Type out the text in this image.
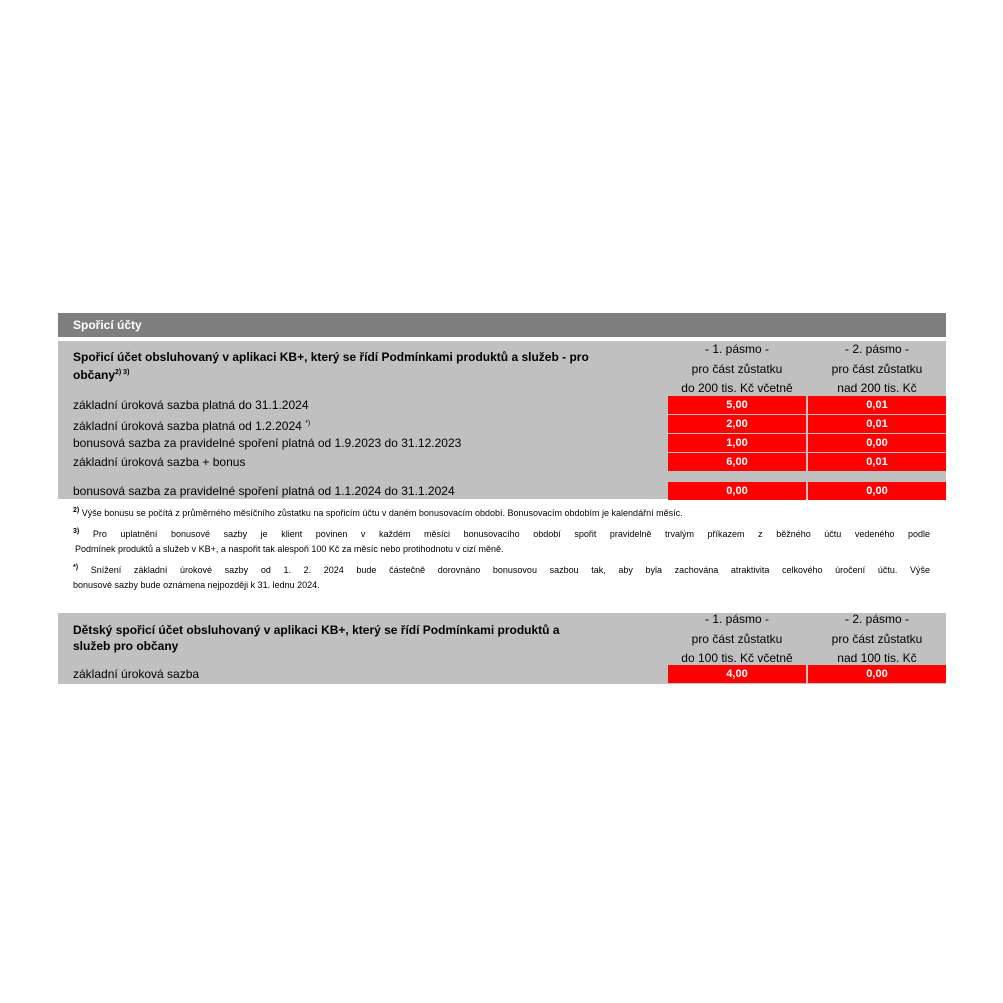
Spořicí účty
Spořicí účet obsluhovaný v aplikaci KB+, který se řídí Podmínkami produktů a služeb - pro občany$^{2) 3)}$
- 1. pásmo -
pro část zůstatku
do 200 tis. Kč včetně
- 2. pásmo -
pro část zůstatku
nad 200 tis. Kč
základní úroková sazba platná do 31.1.2024	5,00	0,01
základní úroková sazba platná od 1.2.2024 *)	2,00	0,01
bonusová sazba za pravidelné spoření platná od 1.9.2023 do 31.12.2023	1,00	0,00
základní úroková sazba + bonus	6,00	0,01
bonusová sazba za pravidelné spoření platná od 1.1.2024 do 31.1.2024	0,00	0,00
$^{2)}$ Výše bonusu se počítá z průměrného měsíčního zůstatku na spořicím účtu v daném bonusovacím období. Bonusovacím obdobím je kalendářní měsíc.
$^{3)}$ Pro uplatnění bonusové sazby je klient povinen v každém měsíci bonusovacího období spořit pravidelně trvalým příkazem z běžného účtu vedeného podle
Podmínek produktů a služeb v KB+, a naspořit tak alespoň 100 Kč za měsíc nebo protihodnotu v cizí měně.
*) Snížení základní úrokové sazby od 1. 2. 2024 bude částečně dorovnáno bonusovou sazbou tak, aby byla zachována atraktivita celkového úročení účtu. Výše
bonusové sazby bude oznámena nejpozději k 31. lednu 2024.
Dětský spořicí účet obsluhovaný v aplikaci KB+, který se řídí Podmínkami produktů a služeb pro občany
- 1. pásmo -
pro část zůstatku
do 100 tis. Kč včetně
- 2. pásmo -
pro část zůstatku
nad 100 tis. Kč
základní úroková sazba	4,00	0,00
